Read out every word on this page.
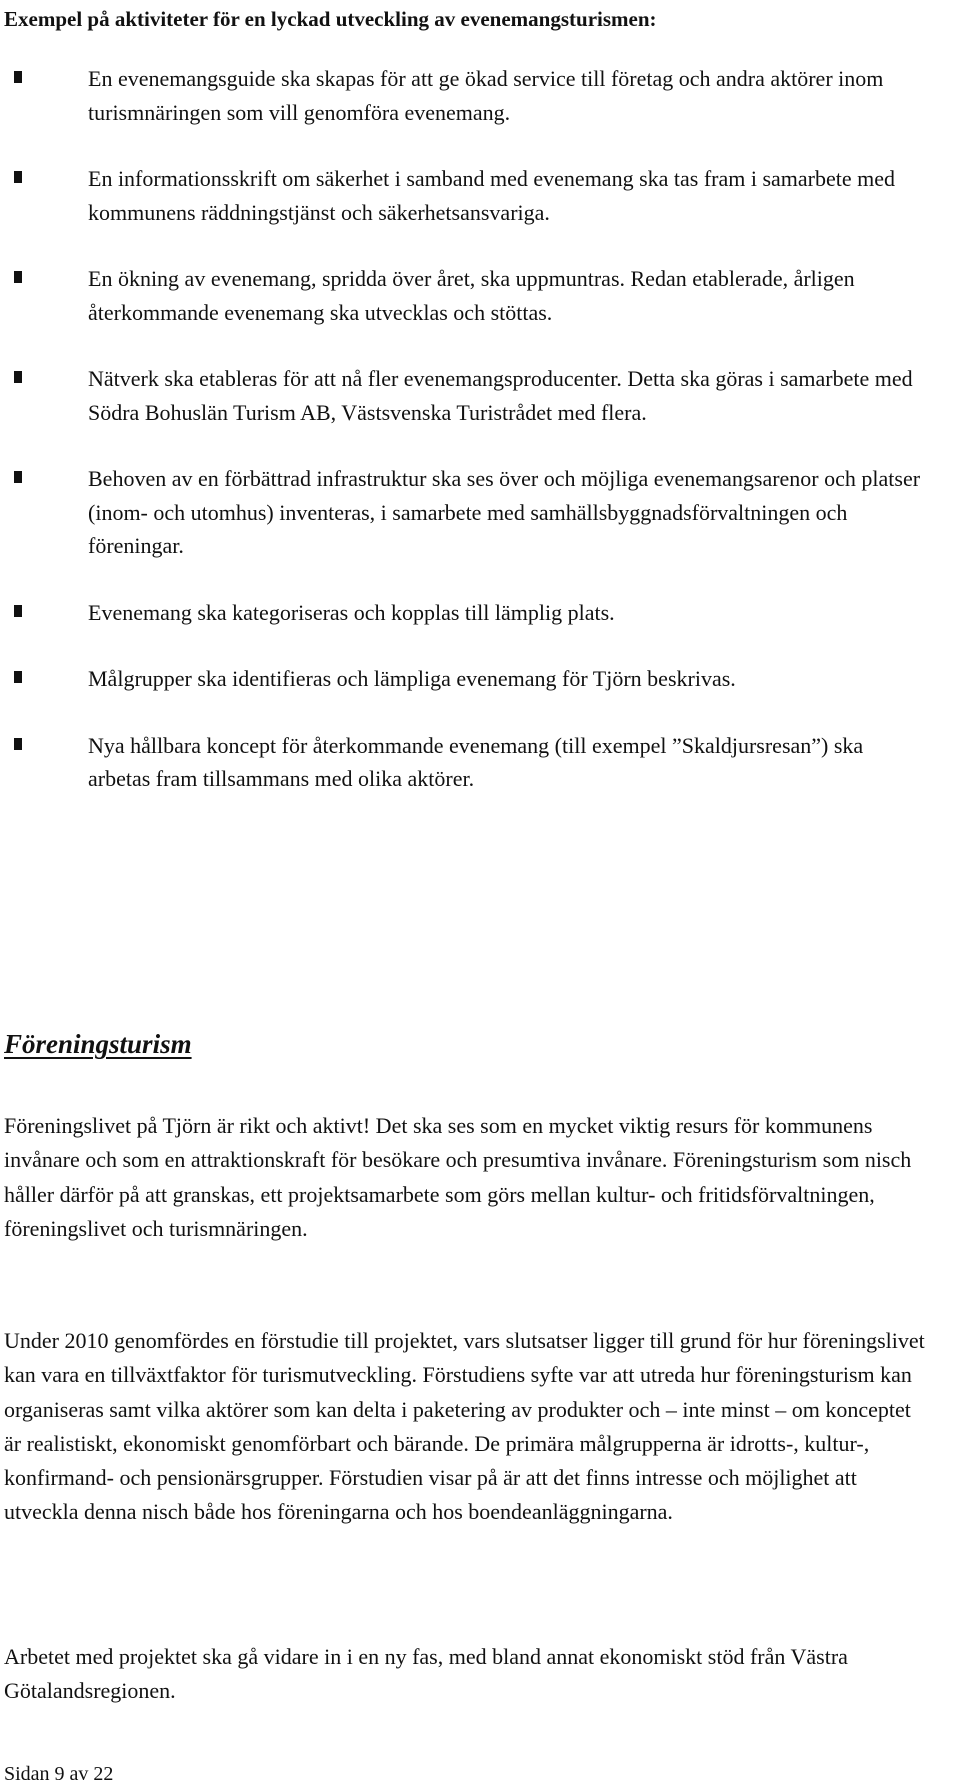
Exempel på aktiviteter för en lyckad utveckling av evenemangsturismen:
En evenemangsguide ska skapas för att ge ökad service till företag och andra aktörer inom turismnäringen som vill genomföra evenemang.
En informationsskrift om säkerhet i samband med evenemang ska tas fram i samarbete med kommunens räddningstjänst och säkerhetsansvariga.
En ökning av evenemang, spridda över året, ska uppmuntras. Redan etablerade, årligen återkommande evenemang ska utvecklas och stöttas.
Nätverk ska etableras för att nå fler evenemangsproducenter. Detta ska göras i samarbete med Södra Bohuslän Turism AB, Västsvenska Turistrådet med flera.
Behoven av en förbättrad infrastruktur ska ses över och möjliga evenemangsarenor och platser (inom- och utomhus) inventeras, i samarbete med samhällsbyggnadsförvaltningen och föreningar.
Evenemang ska kategoriseras och kopplas till lämplig plats.
Målgrupper ska identifieras och lämpliga evenemang för Tjörn beskrivas.
Nya hållbara koncept för återkommande evenemang (till exempel ”Skaldjursresan”) ska arbetas fram tillsammans med olika aktörer.
Föreningsturism

Föreningslivet på Tjörn är rikt och aktivt! Det ska ses som en mycket viktig resurs för kommunens invånare och som en attraktionskraft för besökare och presumtiva invånare. Föreningsturism som nisch håller därför på att granskas, ett projektsamarbete som görs mellan kultur- och fritidsförvaltningen, föreningslivet och turismnäringen.

Under 2010 genomfördes en förstudie till projektet, vars slutsatser ligger till grund för hur föreningslivet kan vara en tillväxtfaktor för turismutveckling. Förstudiens syfte var att utreda hur föreningsturism kan organiseras samt vilka aktörer som kan delta i paketering av produkter och – inte minst – om konceptet är realistiskt, ekonomiskt genomförbart och bärande. De primära målgrupperna är idrotts-, kultur-, konfirmand- och pensionärsgrupper. Förstudien visar på är att det finns intresse och möjlighet att utveckla denna nisch både hos föreningarna och hos boendeanläggningarna.

Arbetet med projektet ska gå vidare in i en ny fas, med bland annat ekonomiskt stöd från Västra Götalandsregionen.

Sidan 9 av 22
